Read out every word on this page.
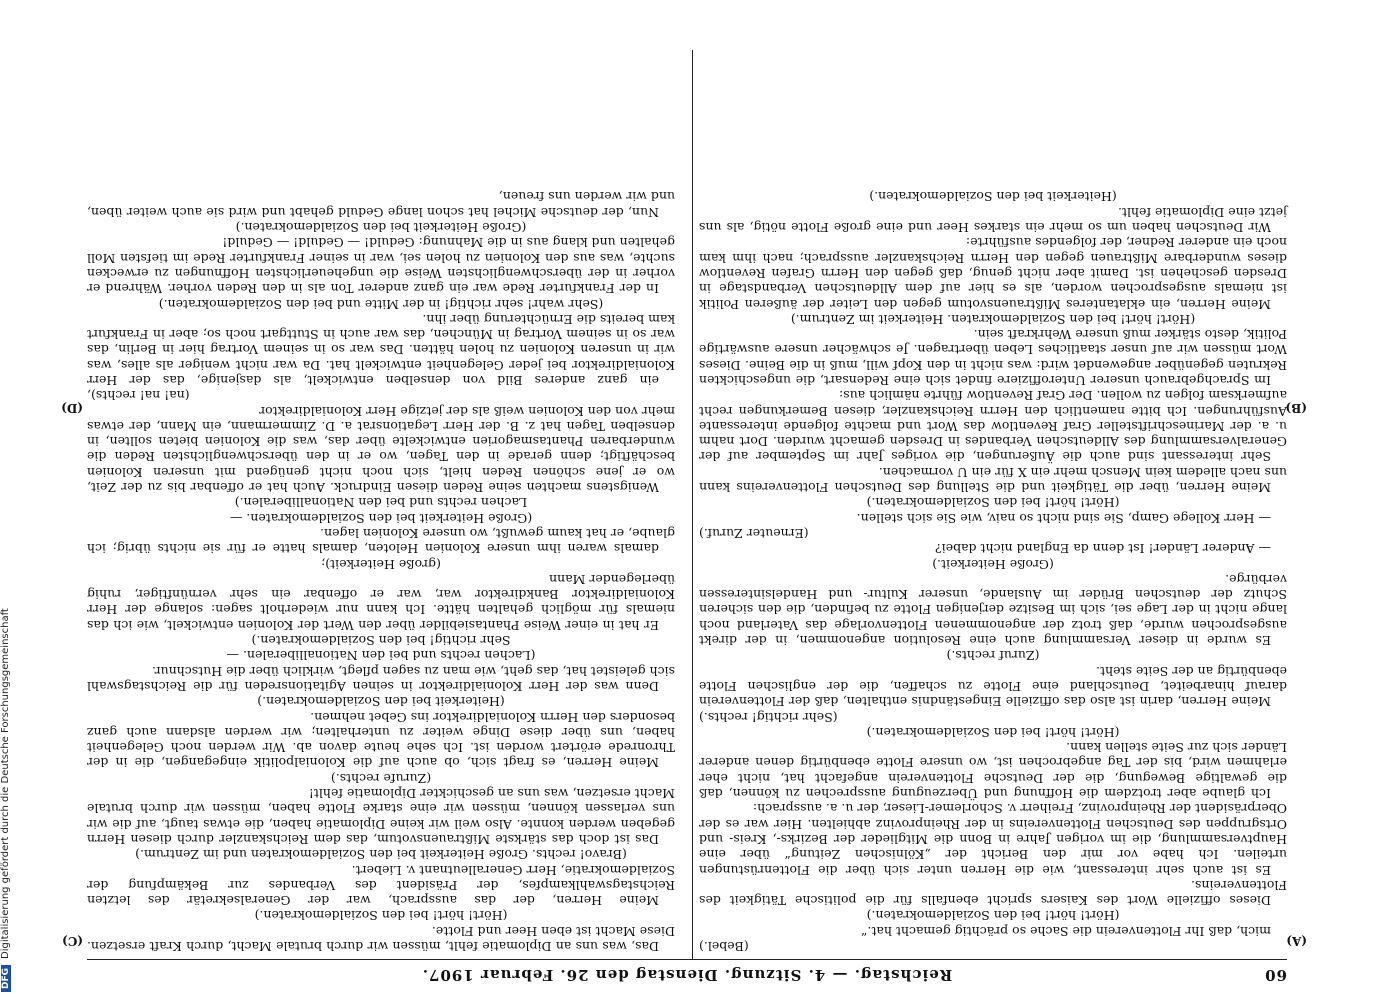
60
Reichstag. — 4. Sitzung. Dienstag den 26. Februar 1907.
(A)
(B)
(C)
(D)

(Bebel.)

mich, daß Ihr Flottenverein die Sache so prächtig gemacht hat.“

(Hört! hört! bei den Sozialdemokraten.)

Dieses offizielle Wort des Kaisers spricht ebenfalls für die politische Tätigkeit des Flottenvereins.

Es ist auch sehr interessant, wie die Herren unter sich über die Flottenrüstungen urteilen. Ich habe vor mir den Bericht der „Kölnischen Zeitung“ über eine Hauptversammlung, die im vorigen Jahre in Bonn die Mitglieder der Bezirks-, Kreis- und Ortsgruppen des Deutschen Flottenvereins in der Rheinprovinz abhielten. Hier war es der Oberpräsident der Rheinprovinz, Freiherr v. Schorlemer-Lieser, der u. a. aussprach:

Ich glaube aber trotzdem die Hoffnung und Überzeugung aussprechen zu können, daß die gewaltige Bewegung, die der Deutsche Flottenverein angefacht hat, nicht eher erlahmen wird, bis der Tag angebrochen ist, wo unsere Flotte ebenbürtig denen anderer Länder sich zur Seite stellen kann.

(Hört! hört! bei den Sozialdemokraten.)

(Sehr richtig! rechts.)

Meine Herren, darin ist also das offizielle Eingeständnis enthalten, daß der Flottenverein darauf hinarbeitet, Deutschland eine Flotte zu schaffen, die der englischen Flotte ebenbürtig an der Seite steht.

(Zuruf rechts.)

Es wurde in dieser Versammlung auch eine Resolution angenommen, in der direkt ausgesprochen wurde, daß trotz der angenommenen Flottenvorlage das Vaterland noch lange nicht in der Lage sei, sich im Besitze derjenigen Flotte zu befinden, die den sicheren Schutz der deutschen Brüder im Auslande, unserer Kultur- und Handelsinteressen verbürge.

(Große Heiterkeit.)

— Anderer Länder! Ist denn da England nicht dabei?

(Erneuter Zuruf.)

— Herr Kollege Gamp, Sie sind nicht so naiv, wie Sie sich stellen.

(Hört! hört! bei den Sozialdemokraten.)

Meine Herren, über die Tätigkeit und die Stellung des Deutschen Flottenvereins kann uns nach alledem kein Mensch mehr ein X für ein U vormachen.

Sehr interessant sind auch die Äußerungen, die voriges Jahr im September auf der Generalversammlung des Alldeutschen Verbandes in Dresden gemacht wurden. Dort nahm u. a. der Marineschriftsteller Graf Reventlow das Wort und machte folgende interessante Ausführungen. Ich bitte namentlich den Herrn Reichskanzler, diesen Bemerkungen recht aufmerksam folgen zu wollen. Der Graf Reventlow führte nämlich aus:

Im Sprachgebrauch unserer Unteroffiziere findet sich eine Redensart, die ungeschickten Rekruten gegenüber angewendet wird: was nicht in den Kopf will, muß in die Beine. Dieses Wort müssen wir auf unser staatliches Leben übertragen. Je schwächer unsere auswärtige Politik, desto stärker muß unsere Wehrkraft sein.

(Hört! hört! bei den Sozialdemokraten. Heiterkeit im Zentrum.)

Meine Herren, ein eklatanteres Mißtrauensvotum gegen den Leiter der äußeren Politik ist niemals ausgesprochen worden, als es hier auf dem Alldeutschen Verbandstage in Dresden geschehen ist. Damit aber nicht genug, daß gegen den Herrn Grafen Reventlow dieses wunderbare Mißtrauen gegen den Herrn Reichskanzler aussprach; nach ihm kam noch ein anderer Redner, der folgendes ausführte:

Wir Deutschen haben um so mehr ein starkes Heer und eine große Flotte nötig, als uns jetzt eine Diplomatie fehlt.

(Heiterkeit bei den Sozialdemokraten.)

Das, was uns an Diplomatie fehlt, müssen wir durch brutale Macht, durch Kraft ersetzen. Diese Macht ist eben Heer und Flotte.

(Hört! hört! bei den Sozialdemokraten.)

Meine Herren, der das aussprach, war der Generalsekretär des letzten Reichstagswahlkampfes, der Präsident des Verbandes zur Bekämpfung der Sozialdemokratie, Herr Generalleutnant v. Liebert.

(Bravo! rechts. Große Heiterkeit bei den Sozialdemokraten und im Zentrum.)

Das ist doch das stärkste Mißtrauensvotum, das dem Reichskanzler durch diesen Herrn gegeben werden konnte. Also weil wir keine Diplomatie haben, die etwas taugt, auf die wir uns verlassen können, müssen wir eine starke Flotte haben, müssen wir durch brutale Macht ersetzen, was uns an geschickter Diplomatie fehlt!

(Zurufe rechts.)

Meine Herren, es fragt sich, ob auch auf die Kolonialpolitik eingegangen, die in der Thronrede erörtert worden ist. Ich sehe heute davon ab. Wir werden noch Gelegenheit haben, uns über diese Dinge weiter zu unterhalten; wir werden alsdann auch ganz besonders den Herrn Kolonialdirektor ins Gebet nehmen.

(Heiterkeit bei den Sozialdemokraten.)

Denn was der Herr Kolonialdirektor in seinen Agitationsreden für die Reichstagswahl sich geleistet hat, das geht, wie man zu sagen pflegt, wirklich über die Hutschnur.

(Lachen rechts und bei den Nationalliberalen. —

Sehr richtig! bei den Sozialdemokraten.)

Er hat in einer Weise Phantasiebilder über den Wert der Kolonien entwickelt, wie ich das niemals für möglich gehalten hätte. Ich kann nur wiederholt sagen: solange der Herr Kolonialdirektor Bankdirektor war, war er offenbar ein sehr vernünftiger, ruhig überlegender Mann

(große Heiterkeit);

damals waren ihm unsere Kolonien Heloten, damals hatte er für sie nichts übrig; ich glaube, er hat kaum gewußt, wo unsere Kolonien lagen.

(Große Heiterkeit bei den Sozialdemokraten. —

Lachen rechts und bei den Nationalliberalen.)

Wenigstens machten seine Reden diesen Eindruck. Auch hat er offenbar bis zu der Zeit, wo er jene schönen Reden hielt, sich noch nicht genügend mit unseren Kolonien beschäftigt; denn gerade in den Tagen, wo er in den überschwenglichsten Reden die wunderbaren Phantasmagorien entwickelte über das, was die Kolonien bieten sollten, in denselben Tagen hat z. B. der Herr Legationsrat a. D. Zimmermann, ein Mann, der etwas mehr von den Kolonien weiß als der jetzige Herr Kolonialdirektor

(na! na! rechts),

ein ganz anderes Bild von denselben entwickelt, als dasjenige, das der Herr Kolonialdirektor bei jeder Gelegenheit entwickelt hat. Da war nicht weniger als alles, was wir in unseren Kolonien zu holen hätten. Das war so in seinem Vortrag hier in Berlin, das war so in seinem Vortrag in München, das war auch in Stuttgart noch so; aber in Frankfurt kam bereits die Ernüchterung über ihn.

(Sehr wahr! sehr richtig! in der Mitte und bei den Sozialdemokraten.)

In der Frankfurter Rede war ein ganz anderer Ton als in den Reden vorher. Während er vorher in der überschwenglichsten Weise die ungeheuerlichsten Hoffnungen zu erwecken suchte, was aus den Kolonien zu holen sei, war in seiner Frankfurter Rede im tiefsten Moll gehalten und klang aus in die Mahnung: Geduld! — Geduld! — Geduld!

(Große Heiterkeit bei den Sozialdemokraten.)

Nun, der deutsche Michel hat schon lange Geduld gehabt und wird sie auch weiter üben, und wir werden uns freuen,

DFGDigitalisierung gefördert durch die Deutsche Forschungsgemeinschaft
